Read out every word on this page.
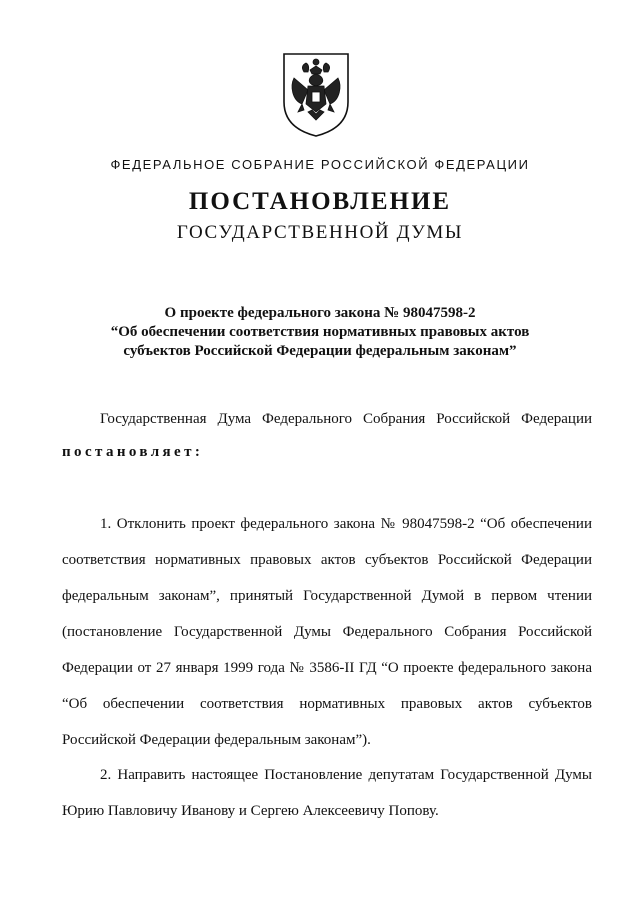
ФЕДЕРАЛЬНОЕ СОБРАНИЕ РОССИЙСКОЙ ФЕДЕРАЦИИ
ПОСТАНОВЛЕНИЕ
ГОСУДАРСТВЕННОЙ ДУМЫ
О проекте федерального закона № 98047598-2
“Об обеспечении соответствия нормативных правовых актов
субъектов Российской Федерации федеральным законам”
Государственная Дума Федерального Собрания Российской Федерации
постановляет:
1. Отклонить проект федерального закона № 98047598-2 “Об обеспечении
соответствия нормативных правовых актов субъектов Российской Федерации
федеральным законам”, принятый Государственной Думой в первом чтении
(постановление Государственной Думы Федерального Собрания Российской
Федерации от 27 января 1999 года № 3586-II ГД “О проекте федерального закона
“Об обеспечении соответствия нормативных правовых актов субъектов
Российской Федерации федеральным законам”).
2. Направить настоящее Постановление депутатам Государственной Думы
Юрию Павловичу Иванову и Сергею Алексеевичу Попову.
